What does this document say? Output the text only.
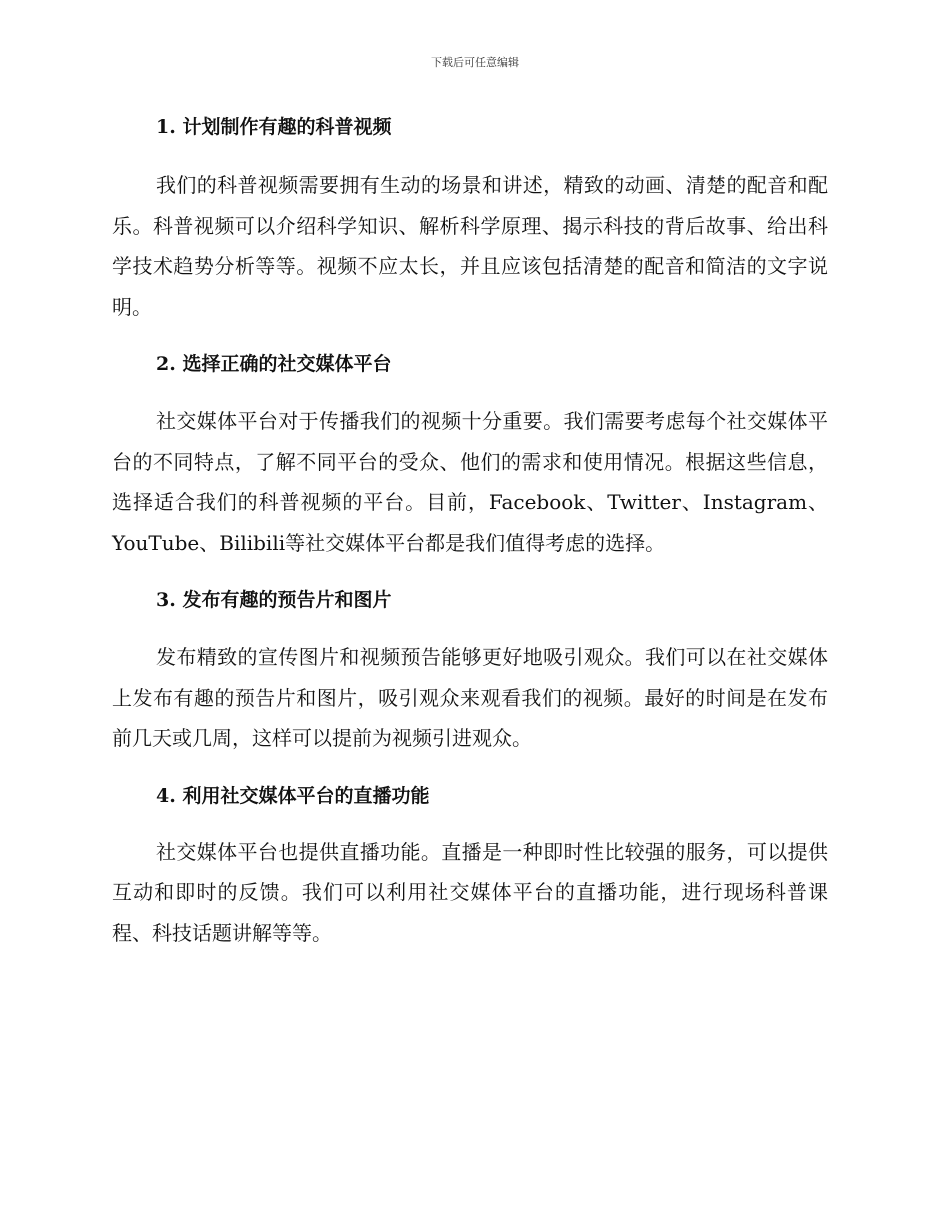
下载后可任意编辑
1. 计划制作有趣的科普视频

我们的科普视频需要拥有生动的场景和讲述，精致的动画、清楚的配音和配乐。科普视频可以介绍科学知识、解析科学原理、揭示科技的背后故事、给出科学技术趋势分析等等。视频不应太长，并且应该包括清楚的配音和简洁的文字说明。

2. 选择正确的社交媒体平台

社交媒体平台对于传播我们的视频十分重要。我们需要考虑每个社交媒体平台的不同特点，了解不同平台的受众、他们的需求和使用情况。根据这些信息，选择适合我们的科普视频的平台。目前，Facebook、Twitter、Instagram、YouTube、Bilibili等社交媒体平台都是我们值得考虑的选择。

3. 发布有趣的预告片和图片

发布精致的宣传图片和视频预告能够更好地吸引观众。我们可以在社交媒体上发布有趣的预告片和图片，吸引观众来观看我们的视频。最好的时间是在发布前几天或几周，这样可以提前为视频引进观众。

4. 利用社交媒体平台的直播功能

社交媒体平台也提供直播功能。直播是一种即时性比较强的服务，可以提供互动和即时的反馈。我们可以利用社交媒体平台的直播功能，进行现场科普课程、科技话题讲解等等。
